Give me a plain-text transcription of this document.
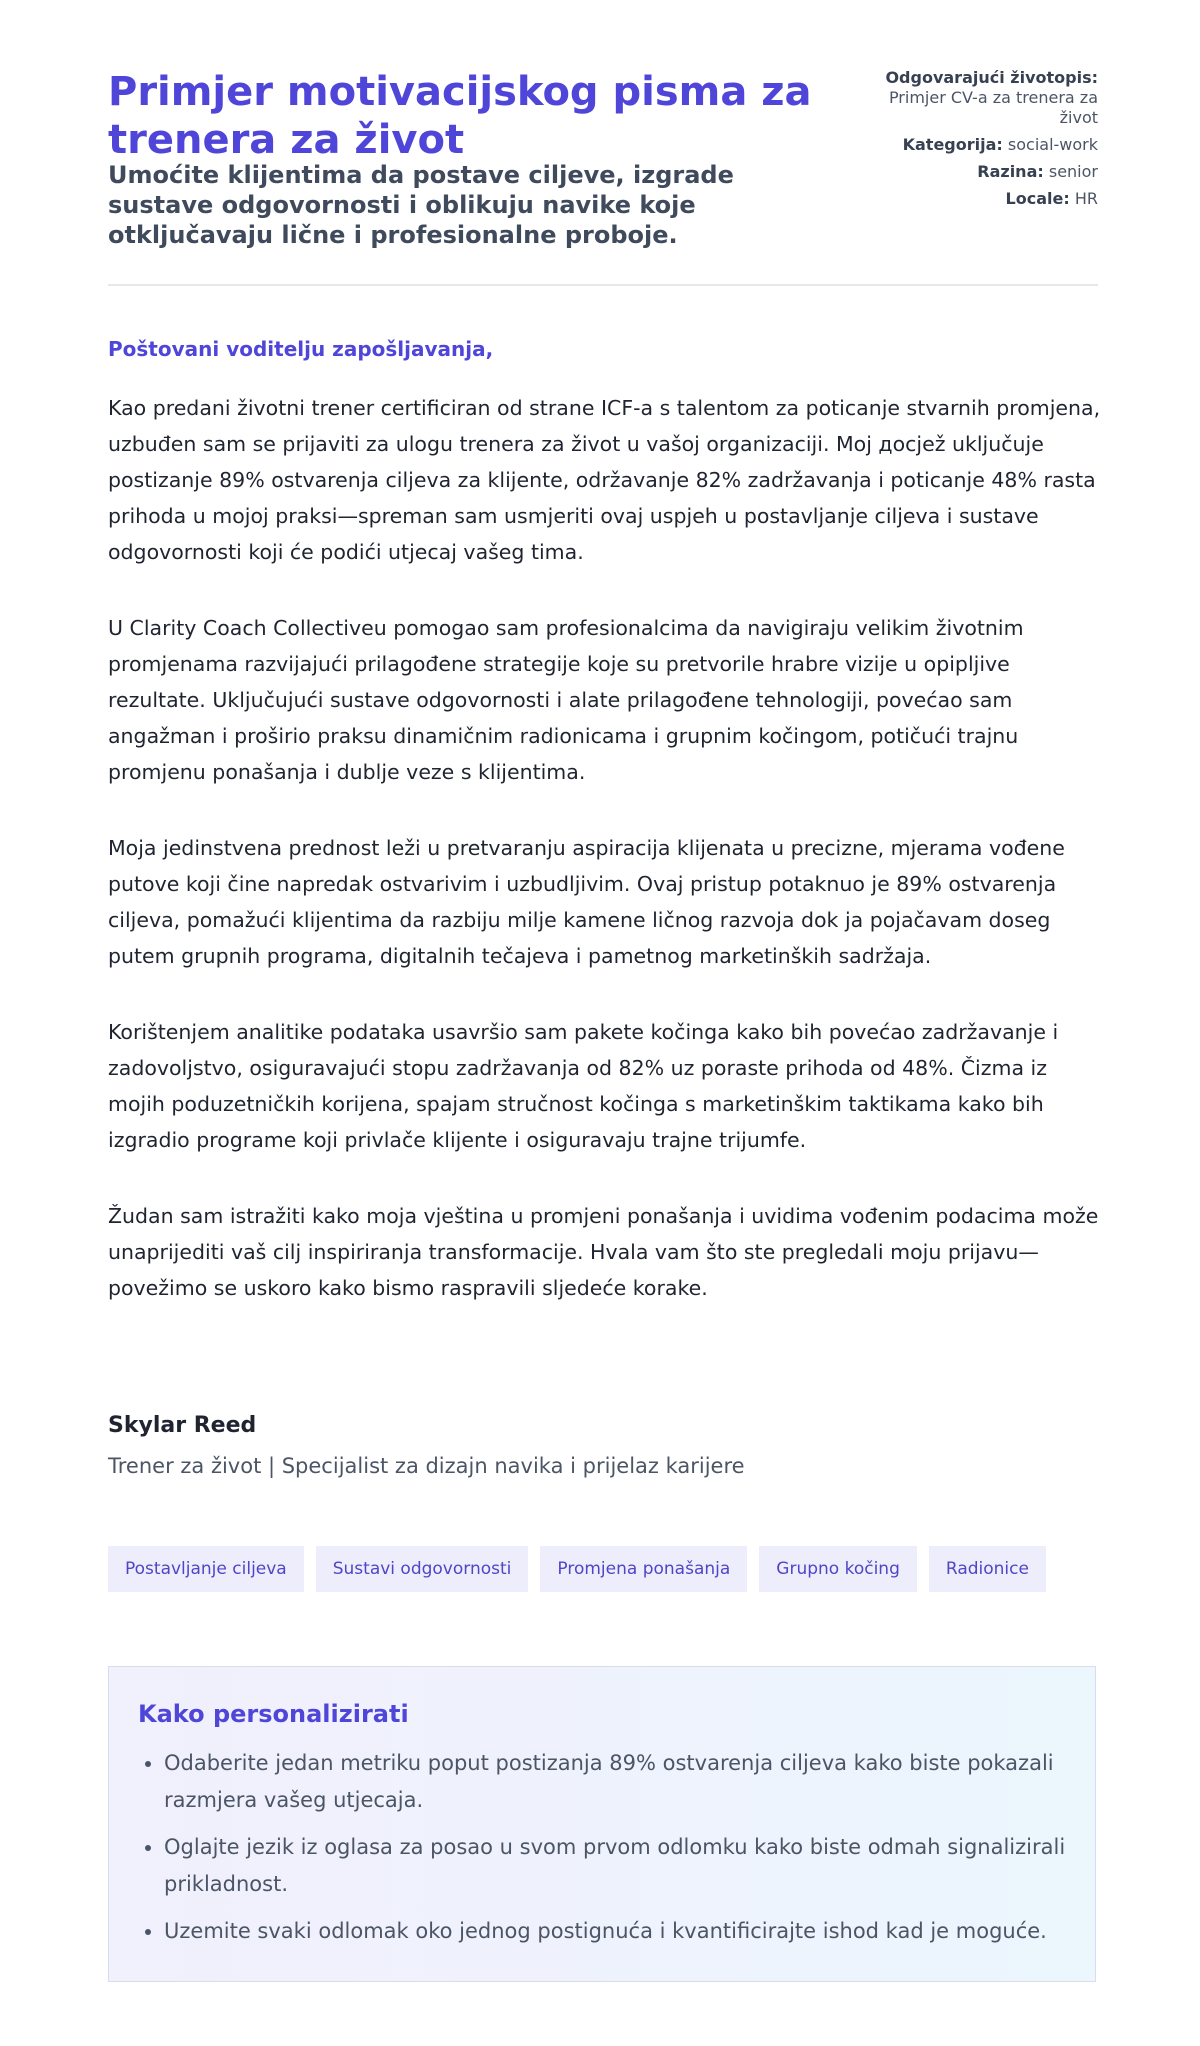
Primjer motivacijskog pisma za trenera za život
Umoćite klijentima da postave ciljeve, izgrade sustave odgovornosti i oblikuju navike koje otključavaju lične i profesionalne proboje.
Odgovarajući životopis: Primjer CV-a za trenera za život
Kategorija: social-work
Razina: senior
Locale: HR

Poštovani voditelju zapošljavanja,

Kao predani životni trener certificiran od strane ICF-a s talentom za poticanje stvarnih promjena, uzbuđen sam se prijaviti za ulogu trenera za život u vašoj organizaciji. Moj досjež uključuje postizanje 89% ostvarenja ciljeva za klijente, održavanje 82% zadržavanja i poticanje 48% rasta prihoda u mojoj praksi—spreman sam usmjeriti ovaj uspjeh u postavljanje ciljeva i sustave odgovornosti koji će podići utjecaj vašeg tima.

U Clarity Coach Collectiveu pomogao sam profesionalcima da navigiraju velikim životnim promjenama razvijajući prilagođene strategije koje su pretvorile hrabre vizije u opipljive rezultate. Uključujući sustave odgovornosti i alate prilagođene tehnologiji, povećao sam angažman i proširio praksu dinamičnim radionicama i grupnim kočingom, potičući trajnu promjenu ponašanja i dublje veze s klijentima.

Moja jedinstvena prednost leži u pretvaranju aspiracija klijenata u precizne, mjerama vođene putove koji čine napredak ostvarivim i uzbudljivim. Ovaj pristup potaknuo je 89% ostvarenja ciljeva, pomažući klijentima da razbiju milje kamene ličnog razvoja dok ja pojačavam doseg putem grupnih programa, digitalnih tečajeva i pametnog marketinških sadržaja.

Korištenjem analitike podataka usavršio sam pakete kočinga kako bih povećao zadržavanje i zadovoljstvo, osiguravajući stopu zadržavanja od 82% uz poraste prihoda od 48%. Čizma iz mojih poduzetničkih korijena, spajam stručnost kočinga s marketinškim taktikama kako bih izgradio programe koji privlače klijente i osiguravaju trajne trijumfe.

Žudan sam istražiti kako moja vještina u promjeni ponašanja i uvidima vođenim podacima može unaprijediti vaš cilj inspiriranja transformacije. Hvala vam što ste pregledali moju prijavu—povežimo se uskoro kako bismo raspravili sljedeće korake.

Skylar Reed
Trener za život | Specijalist za dizajn navika i prijelaz karijere
Postavljanje ciljeva	Sustavi odgovornosti	Promjena ponašanja	Grupno kočing	Radionice
Kako personalizirati
• Odaberite jedan metriku poput postizanja 89% ostvarenja ciljeva kako biste pokazali razmjera vašeg utjecaja.
• Oglajte jezik iz oglasa za posao u svom prvom odlomku kako biste odmah signalizirali prikladnost.
• Uzemite svaki odlomak oko jednog postignuća i kvantificirajte ishod kad je moguće.
